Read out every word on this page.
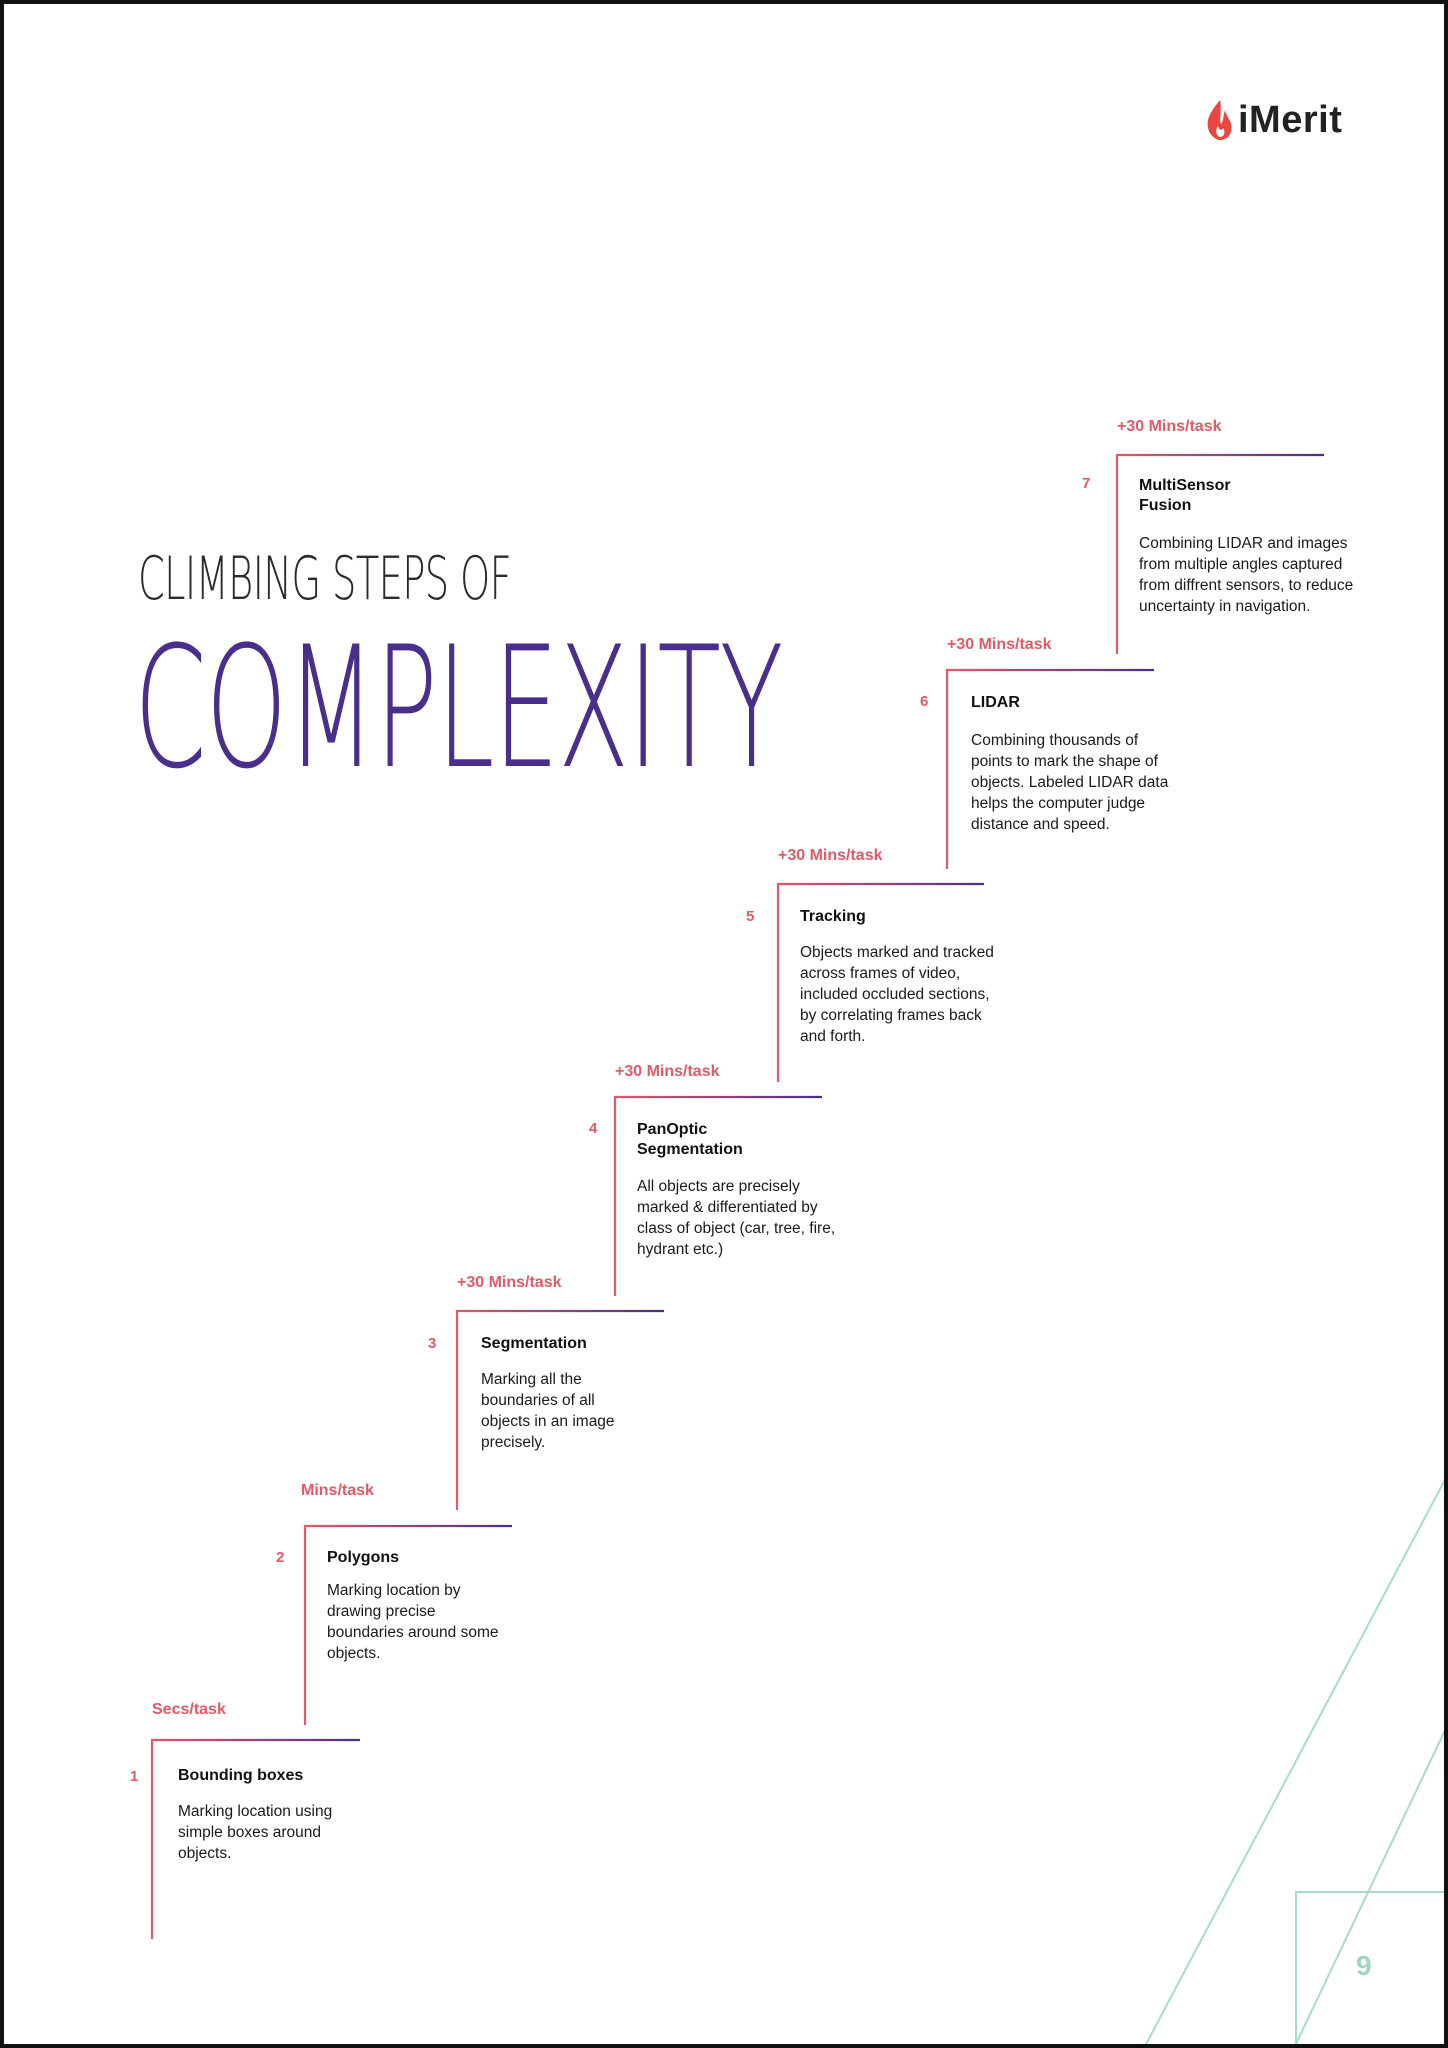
iMerit
CLIMBING STEPS OF
COMPLEXITY
Secs/task
1 Bounding boxes
Marking location using simple boxes around objects.
Mins/task
2	Polygons
Marking location by drawing precise boundaries around some objects.
+30 Mins/task
3	Segmentation
Marking all the boundaries of all objects in an image precisely.
+30 Mins/task
4 PanOptic Segmentation
All objects are precisely marked & differentiated by class of object (car, tree, fire, hydrant etc.)
+30 Mins/task
5	Tracking
Objects marked and tracked across frames of video, included occluded sections, by correlating frames back and forth.
+30 Mins/task
6	LIDAR
Combining thousands of points to mark the shape of objects. Labeled LIDAR data helps the computer judge distance and speed.
+30 Mins/task
7	MultiSensor Fusion
Combining LIDAR and images from multiple angles captured from diffrent sensors, to reduce uncertainty in navigation.
9
